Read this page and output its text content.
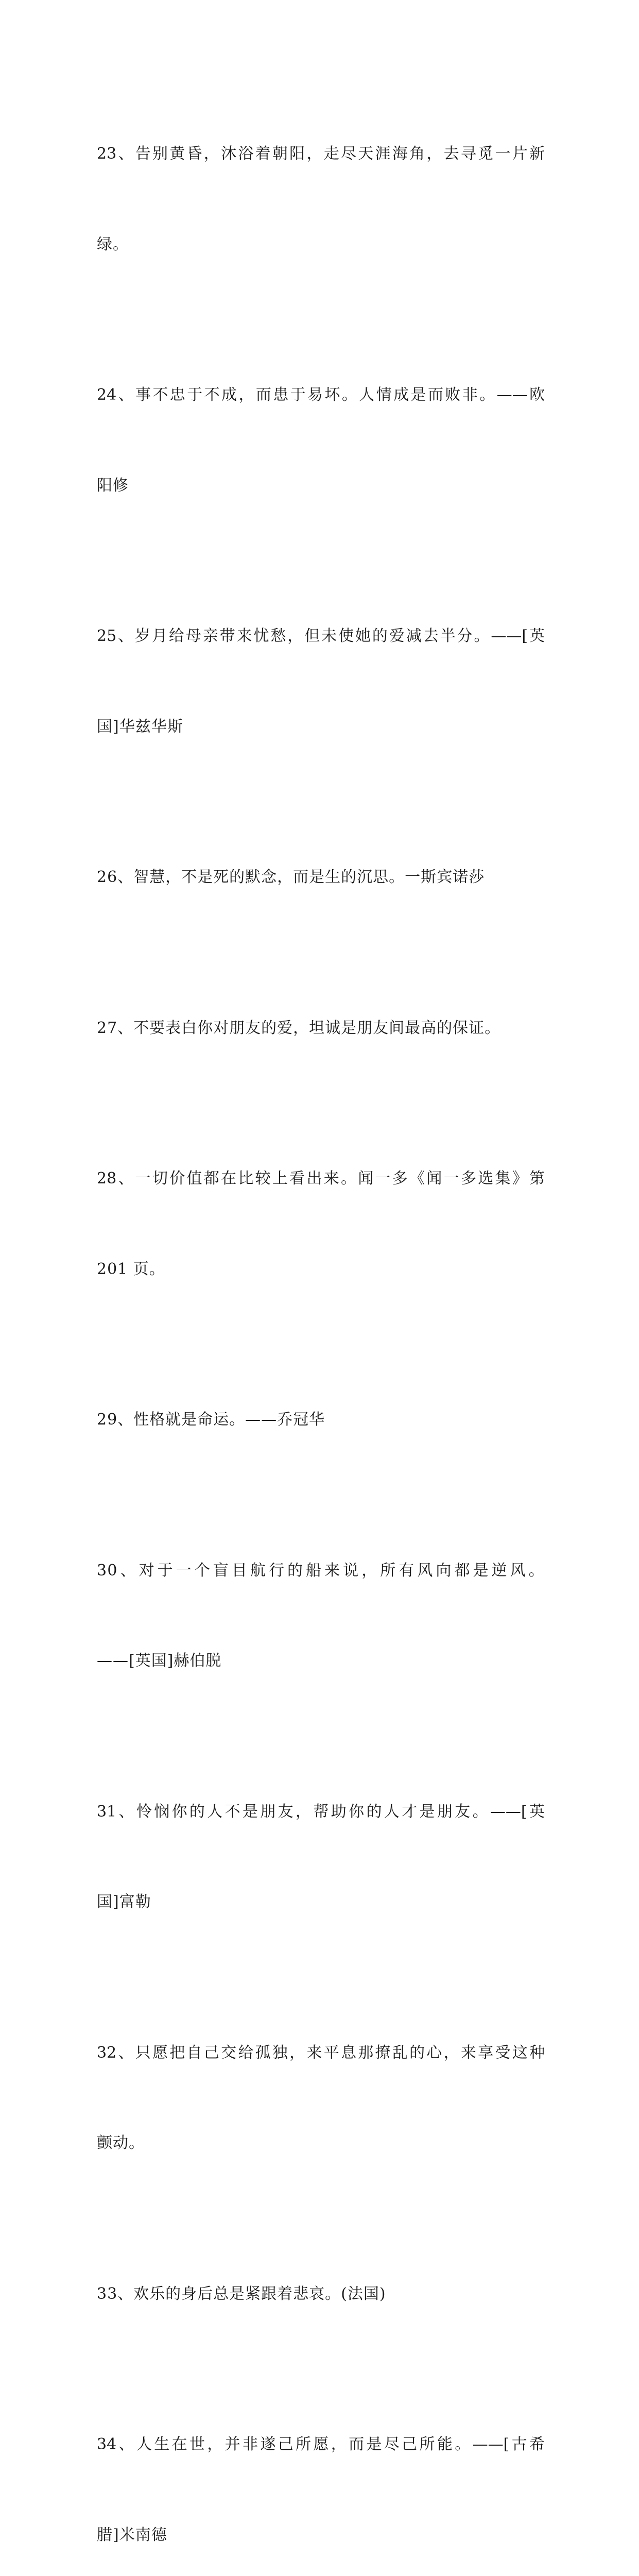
23、告别黄昏，沐浴着朝阳，走尽天涯海角，去寻觅一片新

绿。

24、事不忠于不成，而患于易坏。人情成是而败非。——欧

阳修

25、岁月给母亲带来忧愁，但未使她的爱减去半分。——[英

国]华兹华斯

26、智慧，不是死的默念，而是生的沉思。一斯宾诺莎

27、不要表白你对朋友的爱，坦诚是朋友间最高的保证。

28、一切价值都在比较上看出来。闻一多《闻一多选集》第

201 页。

29、性格就是命运。——乔冠华

30、对于一个盲目航行的船来说，所有风向都是逆风。

——[英国]赫伯脱

31、怜悯你的人不是朋友，帮助你的人才是朋友。——[英

国]富勒

32、只愿把自己交给孤独，来平息那撩乱的心，来享受这种

颤动。

33、欢乐的身后总是紧跟着悲哀。(法国)

34、人生在世，并非遂己所愿，而是尽己所能。——[古希

腊]米南德
